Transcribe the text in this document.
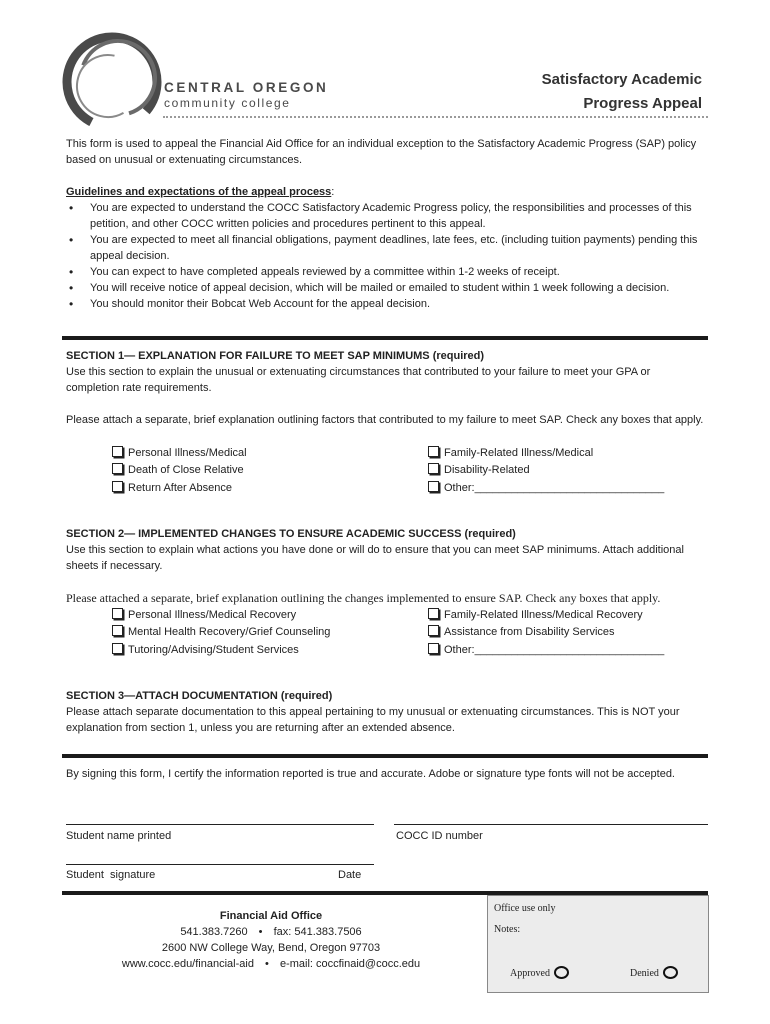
CENTRAL OREGON
community college
Satisfactory Academic
Progress Appeal
This form is used to appeal the Financial Aid Office for an individual exception to the Satisfactory Academic Progress (SAP) policy based on unusual or extenuating circumstances.
Guidelines and expectations of the appeal process:
• You are expected to understand the COCC Satisfactory Academic Progress policy, the responsibilities and processes of this petition, and other COCC written policies and procedures pertinent to this appeal.
• You are expected to meet all financial obligations, payment deadlines, late fees, etc. (including tuition payments) pending this appeal decision.
• You can expect to have completed appeals reviewed by a committee within 1-2 weeks of receipt.
• You will receive notice of appeal decision, which will be mailed or emailed to student within 1 week following a decision.
• You should monitor their Bobcat Web Account for the appeal decision.
SECTION 1— EXPLANATION FOR FAILURE TO MEET SAP MINIMUMS (required)
Use this section to explain the unusual or extenuating circumstances that contributed to your failure to meet your GPA or completion rate requirements.
Please attach a separate, brief explanation outlining factors that contributed to my failure to meet SAP. Check any boxes that apply.
Personal Illness/Medical
Death of Close Relative
Return After Absence
Family-Related Illness/Medical
Disability-Related
Other:_______________________________
SECTION 2— IMPLEMENTED CHANGES TO ENSURE ACADEMIC SUCCESS (required)
Use this section to explain what actions you have done or will do to ensure that you can meet SAP minimums. Attach additional sheets if necessary.
Please attached a separate, brief explanation outlining the changes implemented to ensure SAP. Check any boxes that apply.
Personal Illness/Medical Recovery
Mental Health Recovery/Grief Counseling
Tutoring/Advising/Student Services
Family-Related Illness/Medical Recovery
Assistance from Disability Services
Other:_______________________________
SECTION 3—ATTACH DOCUMENTATION (required)
Please attach separate documentation to this appeal pertaining to my unusual or extenuating circumstances. This is NOT your explanation from section 1, unless you are returning after an extended absence.
By signing this form, I certify the information reported is true and accurate. Adobe or signature type fonts will not be accepted.
Student name printed	COCC ID number
Student  signature	Date
Financial Aid Office
541.383.7260 • fax: 541.383.7506
2600 NW College Way, Bend, Oregon 97703
www.cocc.edu/financial-aid • e-mail: coccfinaid@cocc.edu
Office use only
Notes:
Approved	Denied
